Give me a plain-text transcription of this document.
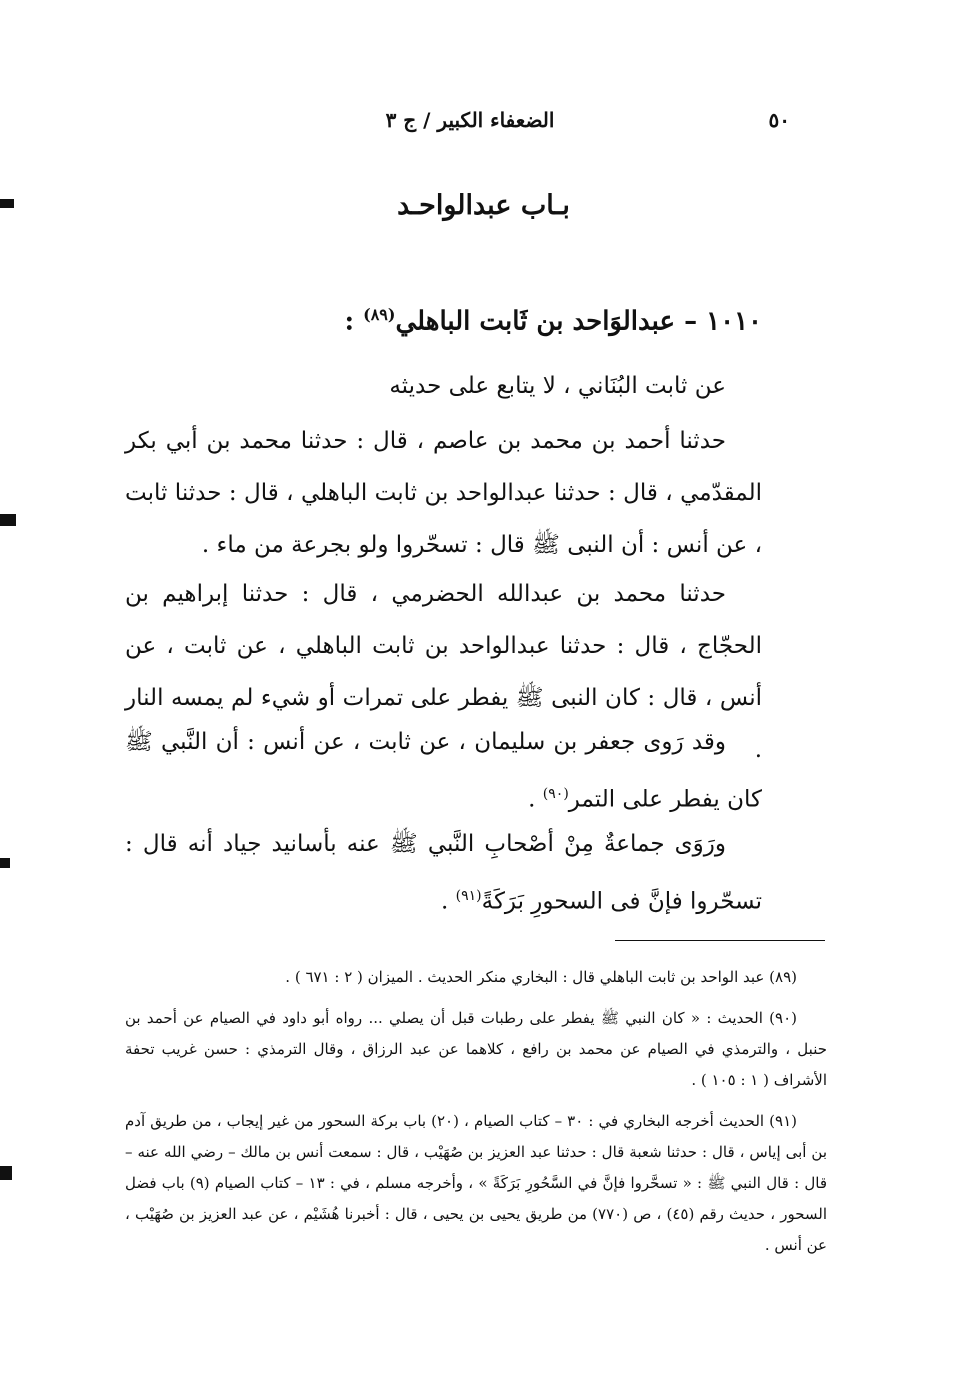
٥٠
الضعفاء الكبير / ج ٣
بـاب عبدالواحـد
١٠١٠ – عبدالوَاحد بن ثَابت الباهلي$^{(٨٩)}$ :

عن ثابت البُنَاني ، لا يتابع على حديثه

حدثنا أحمد بن محمد بن عاصم ، قال : حدثنا محمد بن أبي بكر المقدّمي ، قال : حدثنا عبدالواحد بن ثابت الباهلي ، قال : حدثنا ثابت ، عن أنس : أن النبى ﷺ قال : تسحّروا ولو بجرعة من ماء .

حدثنا محمد بن عبدالله الحضرمي ، قال : حدثنا إبراهيم بن الحجّاج ، قال : حدثنا عبدالواحد بن ثابت الباهلي ، عن ثابت ، عن أنس ، قال : كان النبى ﷺ يفطر على تمرات أو شيء لم يمسه النار .

وقد رَوى جعفر بن سليمان ، عن ثابت ، عن أنس : أن النَّبي ﷺ كان يفطر على التمر$^{(٩٠)}$ .

ورَوَى جماعةٌ مِنْ أصْحابِ النَّبي ﷺ عنه بأسانيد جياد أنه قال : تسحّروا فإنَّ فى السحورِ بَرَكَةً$^{(٩١)}$ .

(٨٩) عبد الواحد بن ثابت الباهلي قال : البخاري منكر الحديث . الميزان ( ٢ : ٦٧١ ) .

(٩٠) الحديث : « كان النبي ﷺ يفطر على رطبات قبل أن يصلي ... رواه أبو داود في الصيام عن أحمد بن حنبل ، والترمذي في الصيام عن محمد بن رافع ، كلاهما عن عبد الرزاق ، وقال الترمذي : حسن غريب تحفة الأشراف ( ١ : ١٠٥ ) .

(٩١) الحديث أخرجه البخاري في : ٣٠ – كتاب الصيام ، (٢٠) باب بركة السحور من غير إيجاب ، من طريق آدم بن أبى إياس ، قال : حدثنا شعبة قال : حدثنا عبد العزيز بن صُهَيْب ، قال : سمعت أنس بن مالك – رضي الله عنه – قال : قال النبي ﷺ : « تسحَّروا فإنَّ في السَّحُورِ بَرَكَةً » ، وأخرجه مسلم ، في : ١٣ – كتاب الصيام (٩) باب فضل السحور ، حديث رقم (٤٥) ، ص (٧٧٠) من طريق يحيى بن يحيى ، قال : أخبرنا هُشَيْم ، عن عبد العزيز بن صُهَيْب ، عن أنس .
